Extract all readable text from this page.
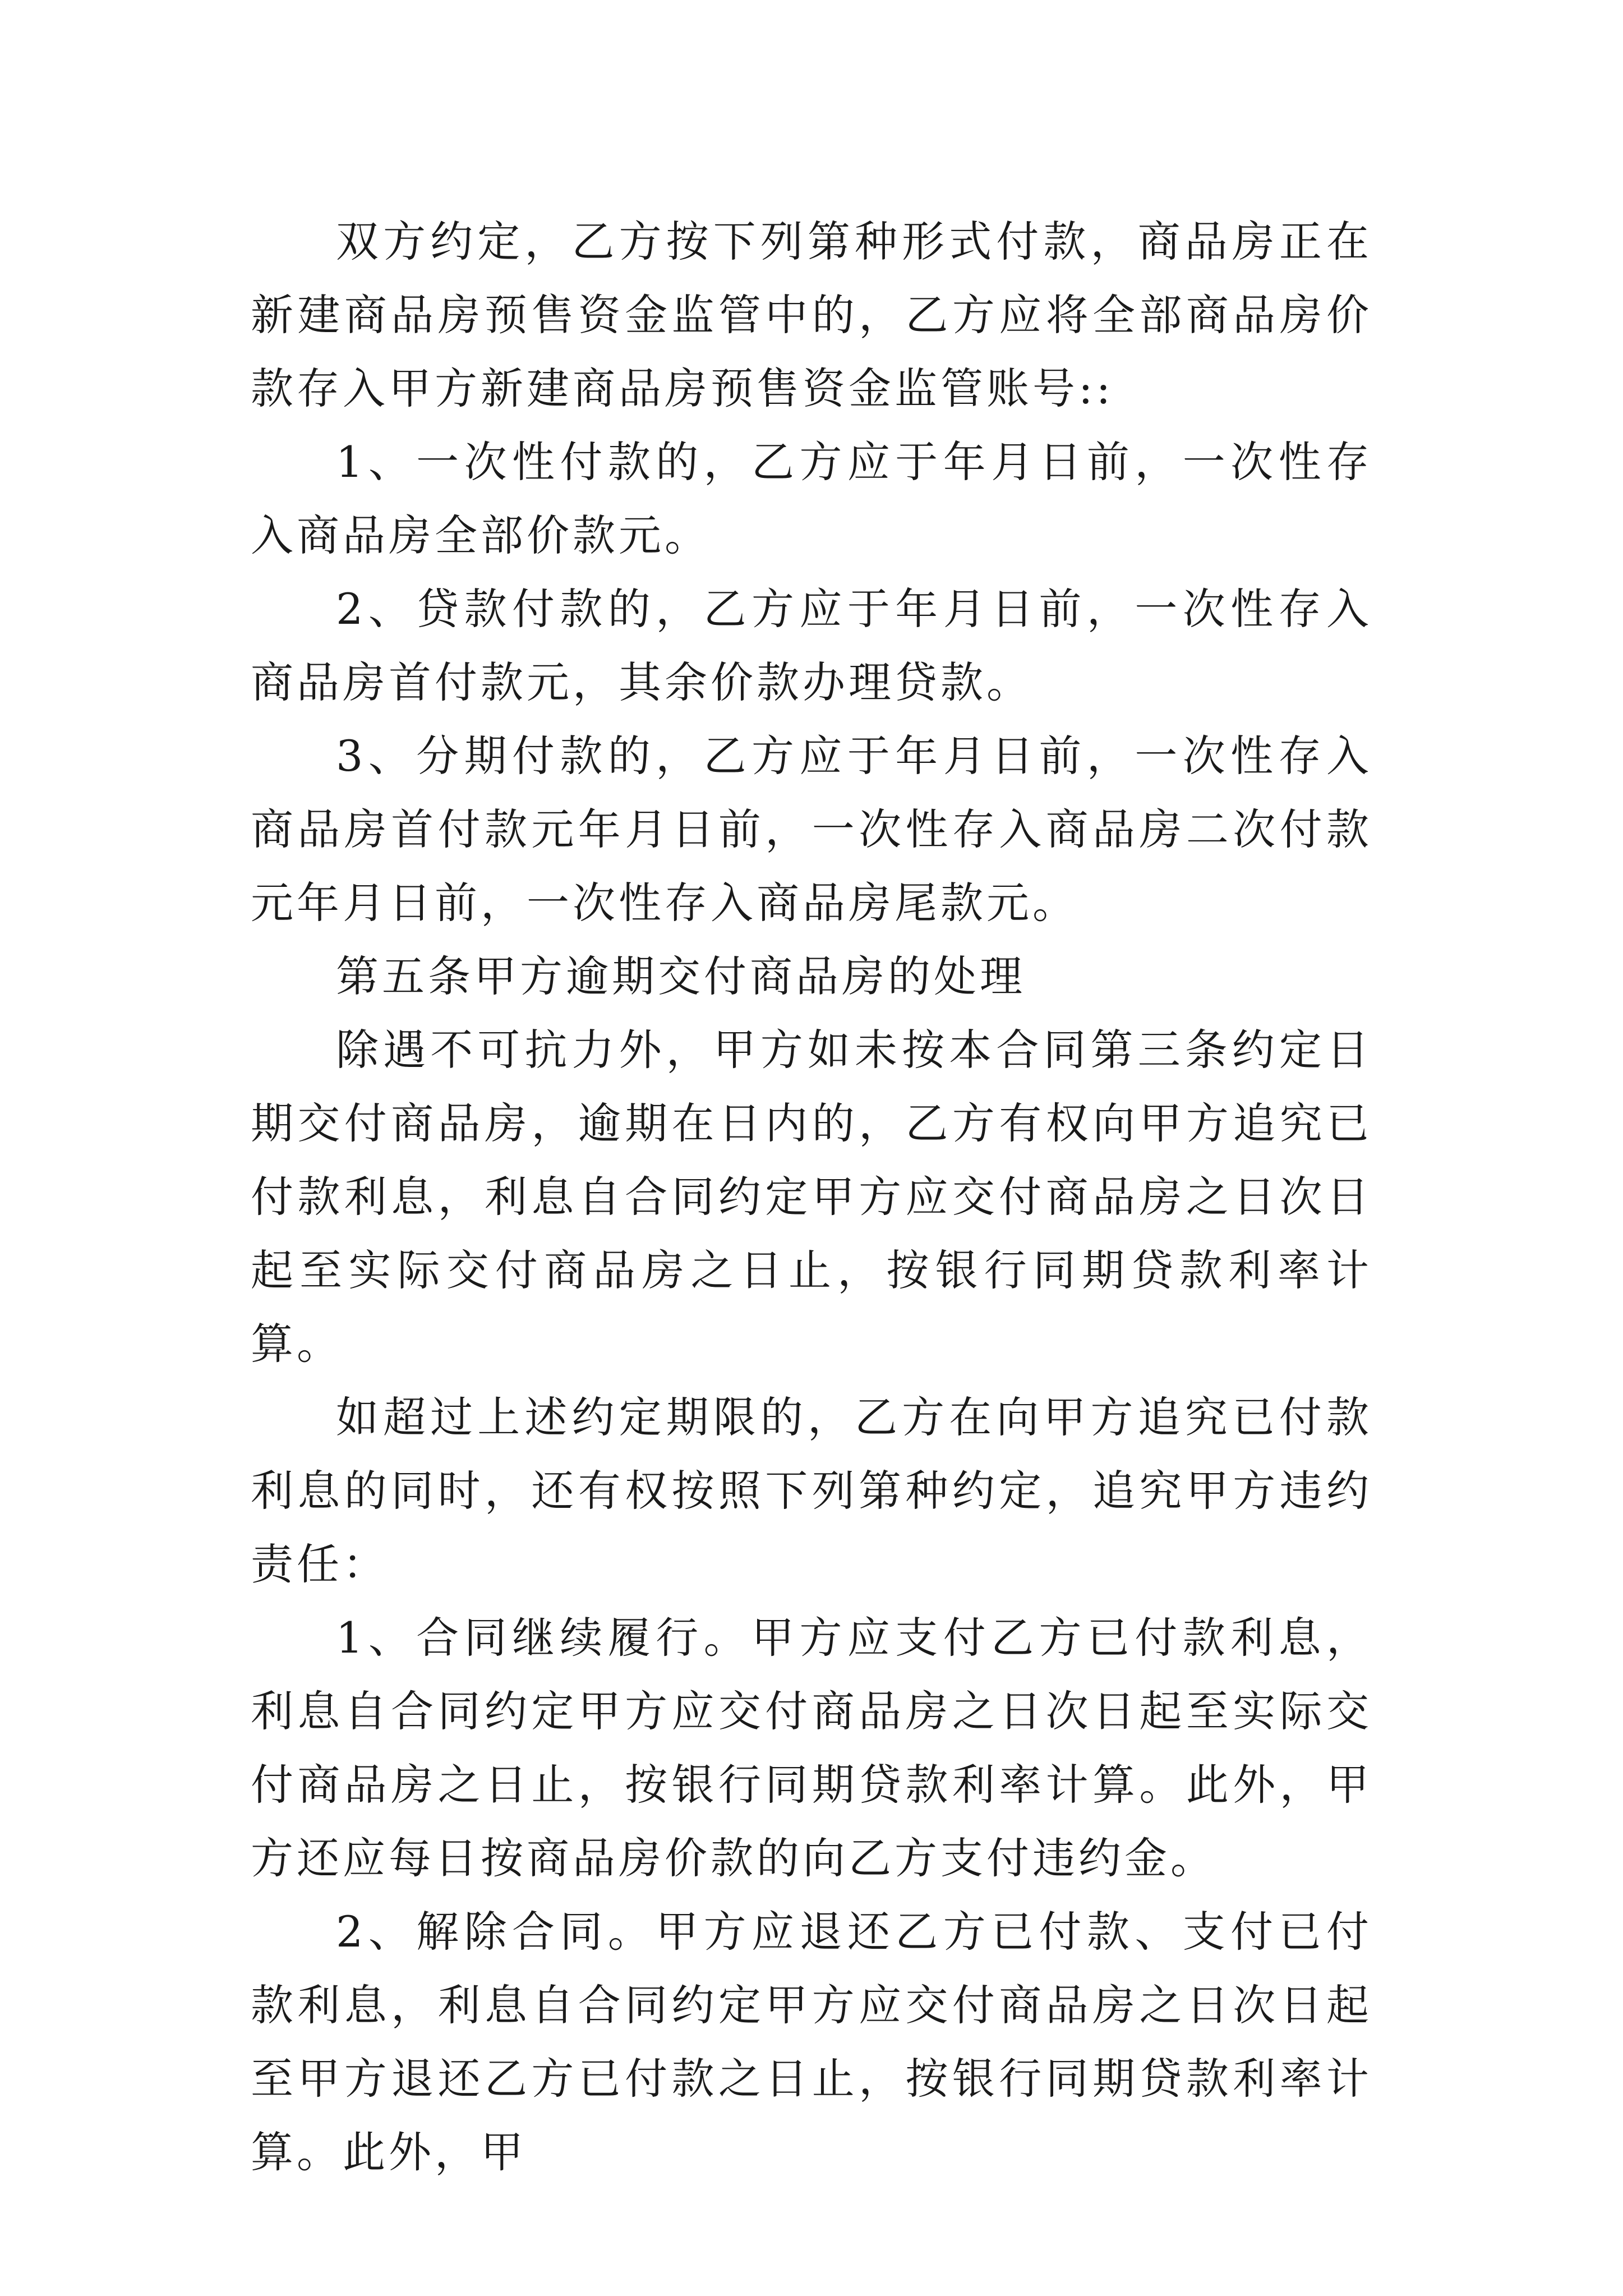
双方约定，乙方按下列第种形式付款，商品房正在新建商品房预售资金监管中的，乙方应将全部商品房价款存入甲方新建商品房预售资金监管账号::

1、一次性付款的，乙方应于年月日前，一次性存入商品房全部价款元。

2、贷款付款的，乙方应于年月日前，一次性存入商品房首付款元，其余价款办理贷款。

3、分期付款的，乙方应于年月日前，一次性存入商品房首付款元年月日前，一次性存入商品房二次付款元年月日前，一次性存入商品房尾款元。

第五条甲方逾期交付商品房的处理

除遇不可抗力外，甲方如未按本合同第三条约定日期交付商品房，逾期在日内的，乙方有权向甲方追究已付款利息，利息自合同约定甲方应交付商品房之日次日起至实际交付商品房之日止，按银行同期贷款利率计算。

如超过上述约定期限的，乙方在向甲方追究已付款利息的同时，还有权按照下列第种约定，追究甲方违约责任：

1、合同继续履行。甲方应支付乙方已付款利息，利息自合同约定甲方应交付商品房之日次日起至实际交付商品房之日止，按银行同期贷款利率计算。此外，甲方还应每日按商品房价款的向乙方支付违约金。

2、解除合同。甲方应退还乙方已付款、支付已付款利息，利息自合同约定甲方应交付商品房之日次日起至甲方退还乙方已付款之日止，按银行同期贷款利率计算。此外，甲
